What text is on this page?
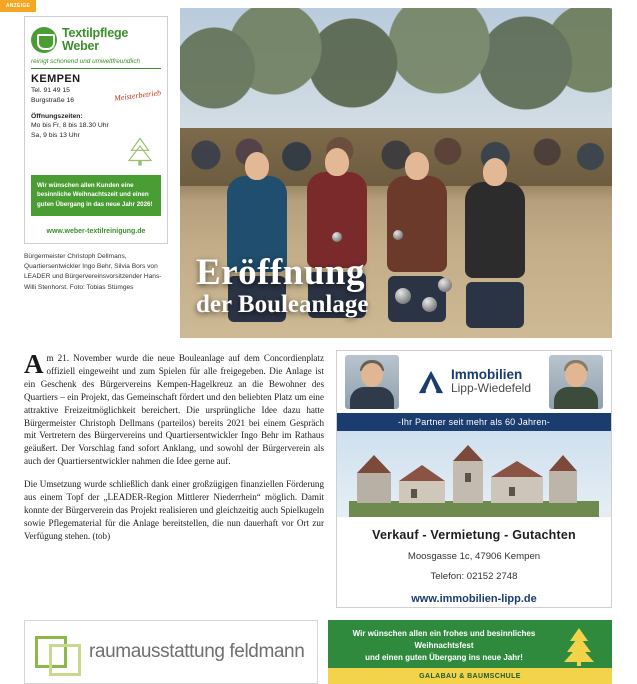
ANZEIGE
Textilpflege
Weber
reinigt schonend und umweltfreundlich
KEMPEN
Meisterbetrieb
Tel. 91 49 15
Burgstraße 16
Öffnungszeiten:
Mo bis Fr, 8 bis 18.30 Uhr
Sa, 9 bis 13 Uhr
Wir wünschen allen Kunden eine besinnliche Weihnachtszeit und einen guten Übergang in das neue Jahr 2026!
www.weber-textilreinigung.de
Bürgermeister Christoph Dellmans, Quartiersentwickler Ingo Behr, Silvia Bors von LEADER und Bürgervereinsvorsitzender Hans-Willi Stenhorst. Foto: Tobias Stümges	Eröffnung
der Bouleanlage

Am 21. November wurde die neue Bouleanlage auf dem Concordienplatz offiziell eingeweiht und zum Spielen für alle freigegeben. Die Anlage ist ein Geschenk des Bürgervereins Kempen-Hagelkreuz an die Bewohner des Quartiers – ein Projekt, das Gemeinschaft fördert und den beliebten Platz um eine attraktive Freizeitmöglichkeit bereichert. Die ursprüngliche Idee dazu hatte Bürgermeister Christoph Dellmans (parteilos) bereits 2021 bei einem Gespräch mit Vertretern des Bürgervereins und Quartiersentwickler Ingo Behr im Rathaus geäußert. Der Vorschlag fand sofort Anklang, und sowohl der Bürgerverein als auch der Quartiersentwickler nahmen die Idee gerne auf.

Die Umsetzung wurde schließlich dank einer großzügigen finanziellen Förderung aus einem Topf der „LEADER-Region Mittlerer Niederrhein“ möglich. Damit konnte der Bürgerverein das Projekt realisieren und gleichzeitig auch Spielkugeln sowie Pflegematerial für die Anlage bereitstellen, die nun dauerhaft vor Ort zur Verfügung stehen. (tob)

Immobilien
Lipp-Wiedefeld
-Ihr Partner seit mehr als 60 Jahren-
Verkauf - Vermietung - Gutachten
Moosgasse 1c, 47906 Kempen
Telefon: 02152 2748
www.immobilien-lipp.de
raumausstattung feldmann
Wir wünschen allen ein frohes und besinnliches Weihnachtsfest
und einen guten Übergang ins neue Jahr!
GALABAU & BAUMSCHULE
